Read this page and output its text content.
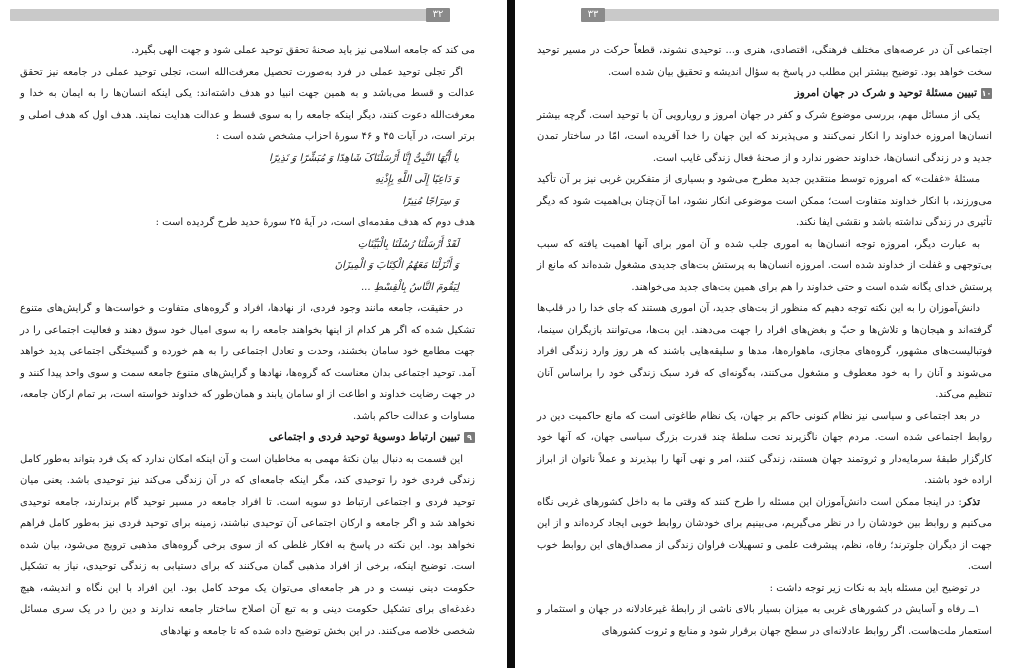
۳۲

می کند که جامعه اسلامی نیز باید صحنهٔ تحقق توحید عملی شود و جهت الهی بگیرد.

اگر تجلی توحید عملی در فرد به‌صورت تحصیل معرفت‌الله است، تجلی توحید عملی در جامعه نیز تحقق عدالت و قسط می‌باشد و به همین جهت انبیا دو هدف داشته‌اند: یکی اینکه انسان‌ها را به ایمان به خدا و معرفت‌الله دعوت کنند، دیگر اینکه جامعه را به سوی قسط و عدالت هدایت نمایند. هدف اول که هدف اصلی و برتر است، در آیات ۴۵ و ۴۶ سورهٔ احزاب مشخص شده است :

یا أَیُّهَا النَّبِیُّ إِنَّا أَرْسَلْنَاکَ شَاهِدًا وَ مُبَشِّرًا وَ نَذِیرًا

وَ دَاعِیًا إِلَی اللَّهِ بِإِذْنِهِ

وَ سِرَاجًا مُنِیرًا

هدف دوم که هدف مقدمه‌ای است، در آیهٔ ۲۵ سورهٔ حدید طرح گردیده است :

لَقَدْ أَرْسَلْنَا رُسُلَنَا بِالْبَیِّنَاتِ

وَ أَنْزَلْنَا مَعَهُمُ الْکِتَابَ وَ الْمِیزَانَ

لِیَقُومَ النَّاسُ بِالْقِسْطِ ...

در حقیقت، جامعه مانند وجود فردی، از نهادها، افراد و گروه‌های متفاوت و خواست‌ها و گرایش‌های متنوع تشکیل شده که اگر هر کدام از اینها بخواهند جامعه را به سوی امیال خود سوق دهند و فعالیت اجتماعی را در جهت مطامع خود سامان بخشند، وحدت و تعادل اجتماعی را به هم خورده و گسیختگی اجتماعی پدید خواهد آمد. توحید اجتماعی بدان معناست که گروه‌ها، نهادها و گرایش‌های متنوع جامعه سمت و سوی واحد پیدا کنند و در جهت رضایت خداوند و اطاعت از او سامان یابند و همان‌طور که خداوند خواسته است، بر تمام ارکان جامعه، مساوات و عدالت حاکم باشد.

۹تبیین ارتباط دوسویهٔ توحید فردی و اجتماعی

این قسمت به دنبال بیان نکتهٔ مهمی به مخاطبان است و آن اینکه امکان ندارد که یک فرد بتواند به‌طور کامل زندگی فردی خود را توحیدی کند، مگر اینکه جامعه‌ای که در آن زندگی می‌کند نیز توحیدی باشد. یعنی میان توحید فردی و اجتماعی ارتباط دو سویه است. تا افراد جامعه در مسیر توحید گام برندارند، جامعه توحیدی نخواهد شد و اگر جامعه و ارکان اجتماعی آن توحیدی نباشند، زمینه برای توحید فردی نیز به‌طور کامل فراهم نخواهد بود. این نکته در پاسخ به افکار غلطی که از سوی برخی گروه‌های مذهبی ترویج می‌شود، بیان شده است. توضیح اینکه، برخی از افراد مذهبی گمان می‌کنند که برای دستیابی به زندگی توحیدی، نیاز به تشکیل حکومت دینی نیست و در هر جامعه‌ای می‌توان یک موحد کامل بود. این افراد با این نگاه و اندیشه، هیچ دغدغه‌ای برای تشکیل حکومت دینی و به تبع آن اصلاح ساختار جامعه ندارند و دین را در یک سری مسائل شخصی خلاصه می‌کنند. در این بخش توضیح داده شده که تا جامعه و نهادهای

۳۳

اجتماعی آن در عرصه‌های مختلف فرهنگی، اقتصادی، هنری و... توحیدی نشوند، قطعاً حرکت در مسیر توحید سخت خواهد بود. توضیح بیشتر این مطلب در پاسخ به سؤال اندیشه و تحقیق بیان شده است.

۱۰تبیین مسئلهٔ توحید و شرک در جهان امروز

یکی از مسائل مهم، بررسی موضوع شرک و کفر در جهان امروز و رویارویی آن با توحید است. گرچه بیشتر انسان‌ها امروزه خداوند را انکار نمی‌کنند و می‌پذیرند که این جهان را خدا آفریده است، امّا در ساختار تمدن جدید و در زندگی انسان‌ها، خداوند حضور ندارد و از صحنهٔ فعال زندگی غایب است.

مسئلهٔ «غفلت» که امروزه توسط منتقدین جدید مطرح می‌شود و بسیاری از متفکرین غربی نیز بر آن تأکید می‌ورزند، با انکار خداوند متفاوت است؛ ممکن است موضوعی انکار نشود، اما آن‌چنان بی‌اهمیت شود که دیگر تأثیری در زندگی نداشته باشد و نقشی ایفا نکند.

به عبارت دیگر، امروزه توجه انسان‌ها به اموری جلب شده و آن امور برای آنها اهمیت یافته که سبب بی‌توجهی و غفلت از خداوند شده است. امروزه انسان‌ها به پرستش بت‌های جدیدی مشغول شده‌اند که مانع از پرستش خدای یگانه شده است و حتی خداوند را هم برای همین بت‌های جدید می‌خواهند.

دانش‌آموزان را به این نکته توجه دهیم که منظور از بت‌های جدید، آن اموری هستند که جای خدا را در قلب‌ها گرفته‌اند و هیجان‌ها و تلاش‌ها و حبّ و بغض‌های افراد را جهت می‌دهند. این بت‌ها، می‌توانند بازیگران سینما، فوتبالیست‌های مشهور، گروه‌های مجازی، ماهواره‌ها، مدها و سلیقه‌هایی باشند که هر روز وارد زندگی افراد می‌شوند و آنان را به خود معطوف و مشغول می‌کنند، به‌گونه‌ای که فرد سبک زندگی خود را براساس آنان تنظیم می‌کند.

در بعد اجتماعی و سیاسی نیز نظام کنونی حاکم بر جهان، یک نظام طاغوتی است که مانع حاکمیت دین در روابط اجتماعی شده است. مردم جهان ناگزیرند تحت سلطهٔ چند قدرت بزرگ سیاسی جهان، که آنها خود کارگزار طبقهٔ سرمایه‌دار و ثروتمند جهان هستند، زندگی کنند، امر و نهی آنها را بپذیرند و عملاً ناتوان از ابراز اراده خود باشند.

تذکر: در اینجا ممکن است دانش‌آموزان این مسئله را طرح کنند که وقتی ما به داخل کشورهای غربی نگاه می‌کنیم و روابط بین خودشان را در نظر می‌گیریم، می‌بینیم برای خودشان روابط خوبی ایجاد کرده‌اند و از این جهت از دیگران جلوترند؛ رفاه، نظم، پیشرفت علمی و تسهیلات فراوان زندگی از مصداق‌های این روابط خوب است.

در توضیح این مسئله باید به نکات زیر توجه داشت :

۱ــ رفاه و آسایش در کشورهای غربی به میزان بسیار بالای ناشی از رابطهٔ غیرعادلانه در جهان و استثمار و استعمار ملت‌هاست. اگر روابط عادلانه‌ای در سطح جهان برقرار شود و منابع و ثروت کشورهای
